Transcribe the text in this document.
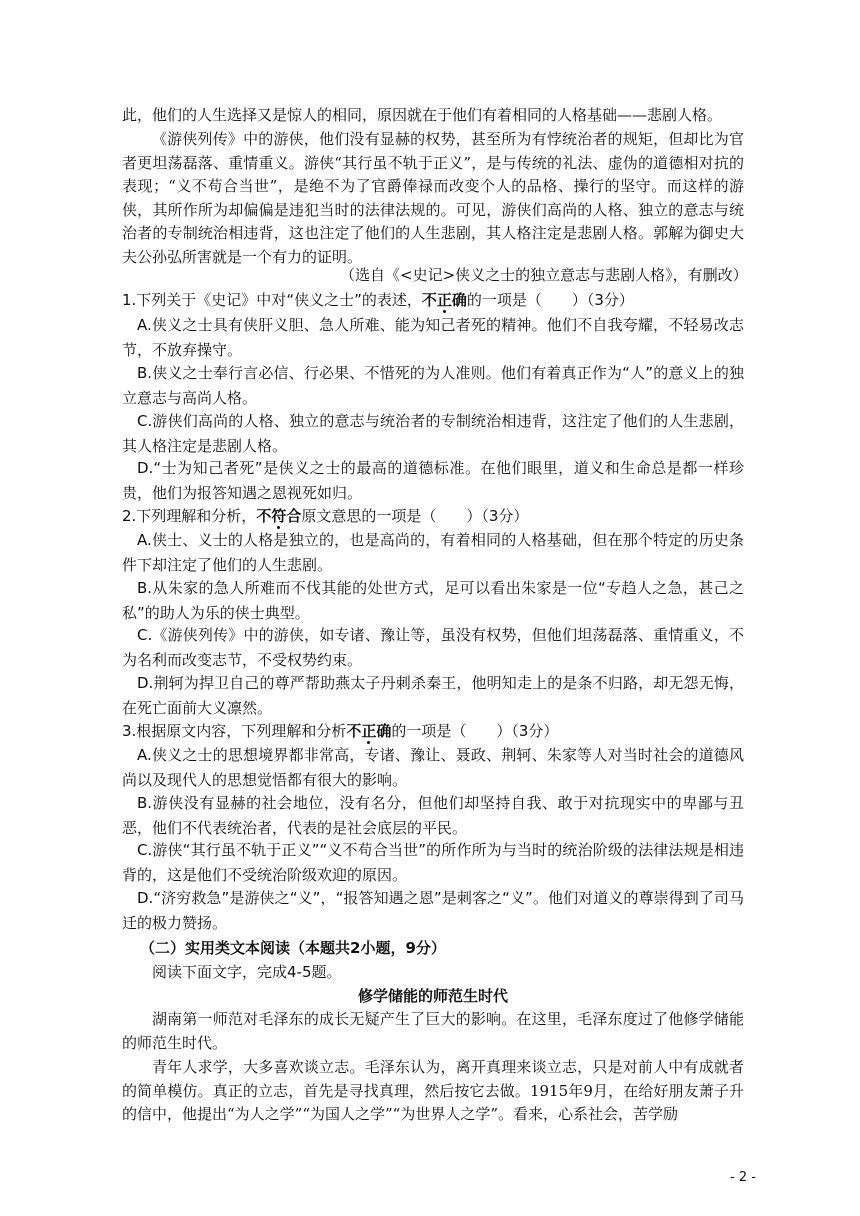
此，他们的人生选择又是惊人的相同，原因就在于他们有着相同的人格基础——悲剧人格。

《游侠列传》中的游侠，他们没有显赫的权势，甚至所为有悖统治者的规矩，但却比为官者更坦荡磊落、重情重义。游侠“其行虽不轨于正义”，是与传统的礼法、虚伪的道德相对抗的表现；“义不苟合当世”，是绝不为了官爵俸禄而改变个人的品格、操行的坚守。而这样的游侠，其所作所为却偏偏是违犯当时的法律法规的。可见，游侠们高尚的人格、独立的意志与统治者的专制统治相违背，这也注定了他们的人生悲剧，其人格注定是悲剧人格。郭解为御史大夫公孙弘所害就是一个有力的证明。

（选自《<史记>侠义之士的独立意志与悲剧人格》，有删改）
1.下列关于《史记》中对“侠义之士”的表述，不正确的一项是（　　）（3分）
A.侠义之士具有侠肝义胆、急人所难、能为知己者死的精神。他们不自我夸耀，不轻易改志节，不放弃操守。
B.侠义之士奉行言必信、行必果、不惜死的为人准则。他们有着真正作为“人”的意义上的独立意志与高尚人格。
C.游侠们高尚的人格、独立的意志与统治者的专制统治相违背，这注定了他们的人生悲剧，其人格注定是悲剧人格。
D.“士为知己者死”是侠义之士的最高的道德标准。在他们眼里，道义和生命总是都一样珍贵，他们为报答知遇之恩视死如归。
2.下列理解和分析，不符合原文意思的一项是（　　）（3分）
A.侠士、义士的人格是独立的，也是高尚的，有着相同的人格基础，但在那个特定的历史条件下却注定了他们的人生悲剧。
B.从朱家的急人所难而不伐其能的处世方式，足可以看出朱家是一位“专趋人之急，甚己之私”的助人为乐的侠士典型。
C.《游侠列传》中的游侠，如专诸、豫让等，虽没有权势，但他们坦荡磊落、重情重义，不为名利而改变志节，不受权势约束。
D.荆轲为捍卫自己的尊严帮助燕太子丹刺杀秦王，他明知走上的是条不归路，却无怨无悔，在死亡面前大义凛然。
3.根据原文内容，下列理解和分析不正确的一项是（　　）（3分）
A.侠义之士的思想境界都非常高，专诸、豫让、聂政、荆轲、朱家等人对当时社会的道德风尚以及现代人的思想觉悟都有很大的影响。
B.游侠没有显赫的社会地位，没有名分，但他们却坚持自我、敢于对抗现实中的卑鄙与丑恶，他们不代表统治者，代表的是社会底层的平民。
C.游侠“其行虽不轨于正义”“义不苟合当世”的所作所为与当时的统治阶级的法律法规是相违背的，这是他们不受统治阶级欢迎的原因。
D.“济穷救急”是游侠之“义”，“报答知遇之恩”是刺客之“义”。他们对道义的尊崇得到了司马迁的极力赞扬。
（二）实用类文本阅读（本题共2小题，9分）
阅读下面文字，完成4-5题。
修学储能的师范生时代

湖南第一师范对毛泽东的成长无疑产生了巨大的影响。在这里，毛泽东度过了他修学储能的师范生时代。

青年人求学，大多喜欢谈立志。毛泽东认为，离开真理来谈立志，只是对前人中有成就者的简单模仿。真正的立志，首先是寻找真理，然后按它去做。1915年9月，在给好朋友萧子升的信中，他提出“为人之学”“为国人之学”“为世界人之学”。看来，心系社会，苦学励

- 2 -
